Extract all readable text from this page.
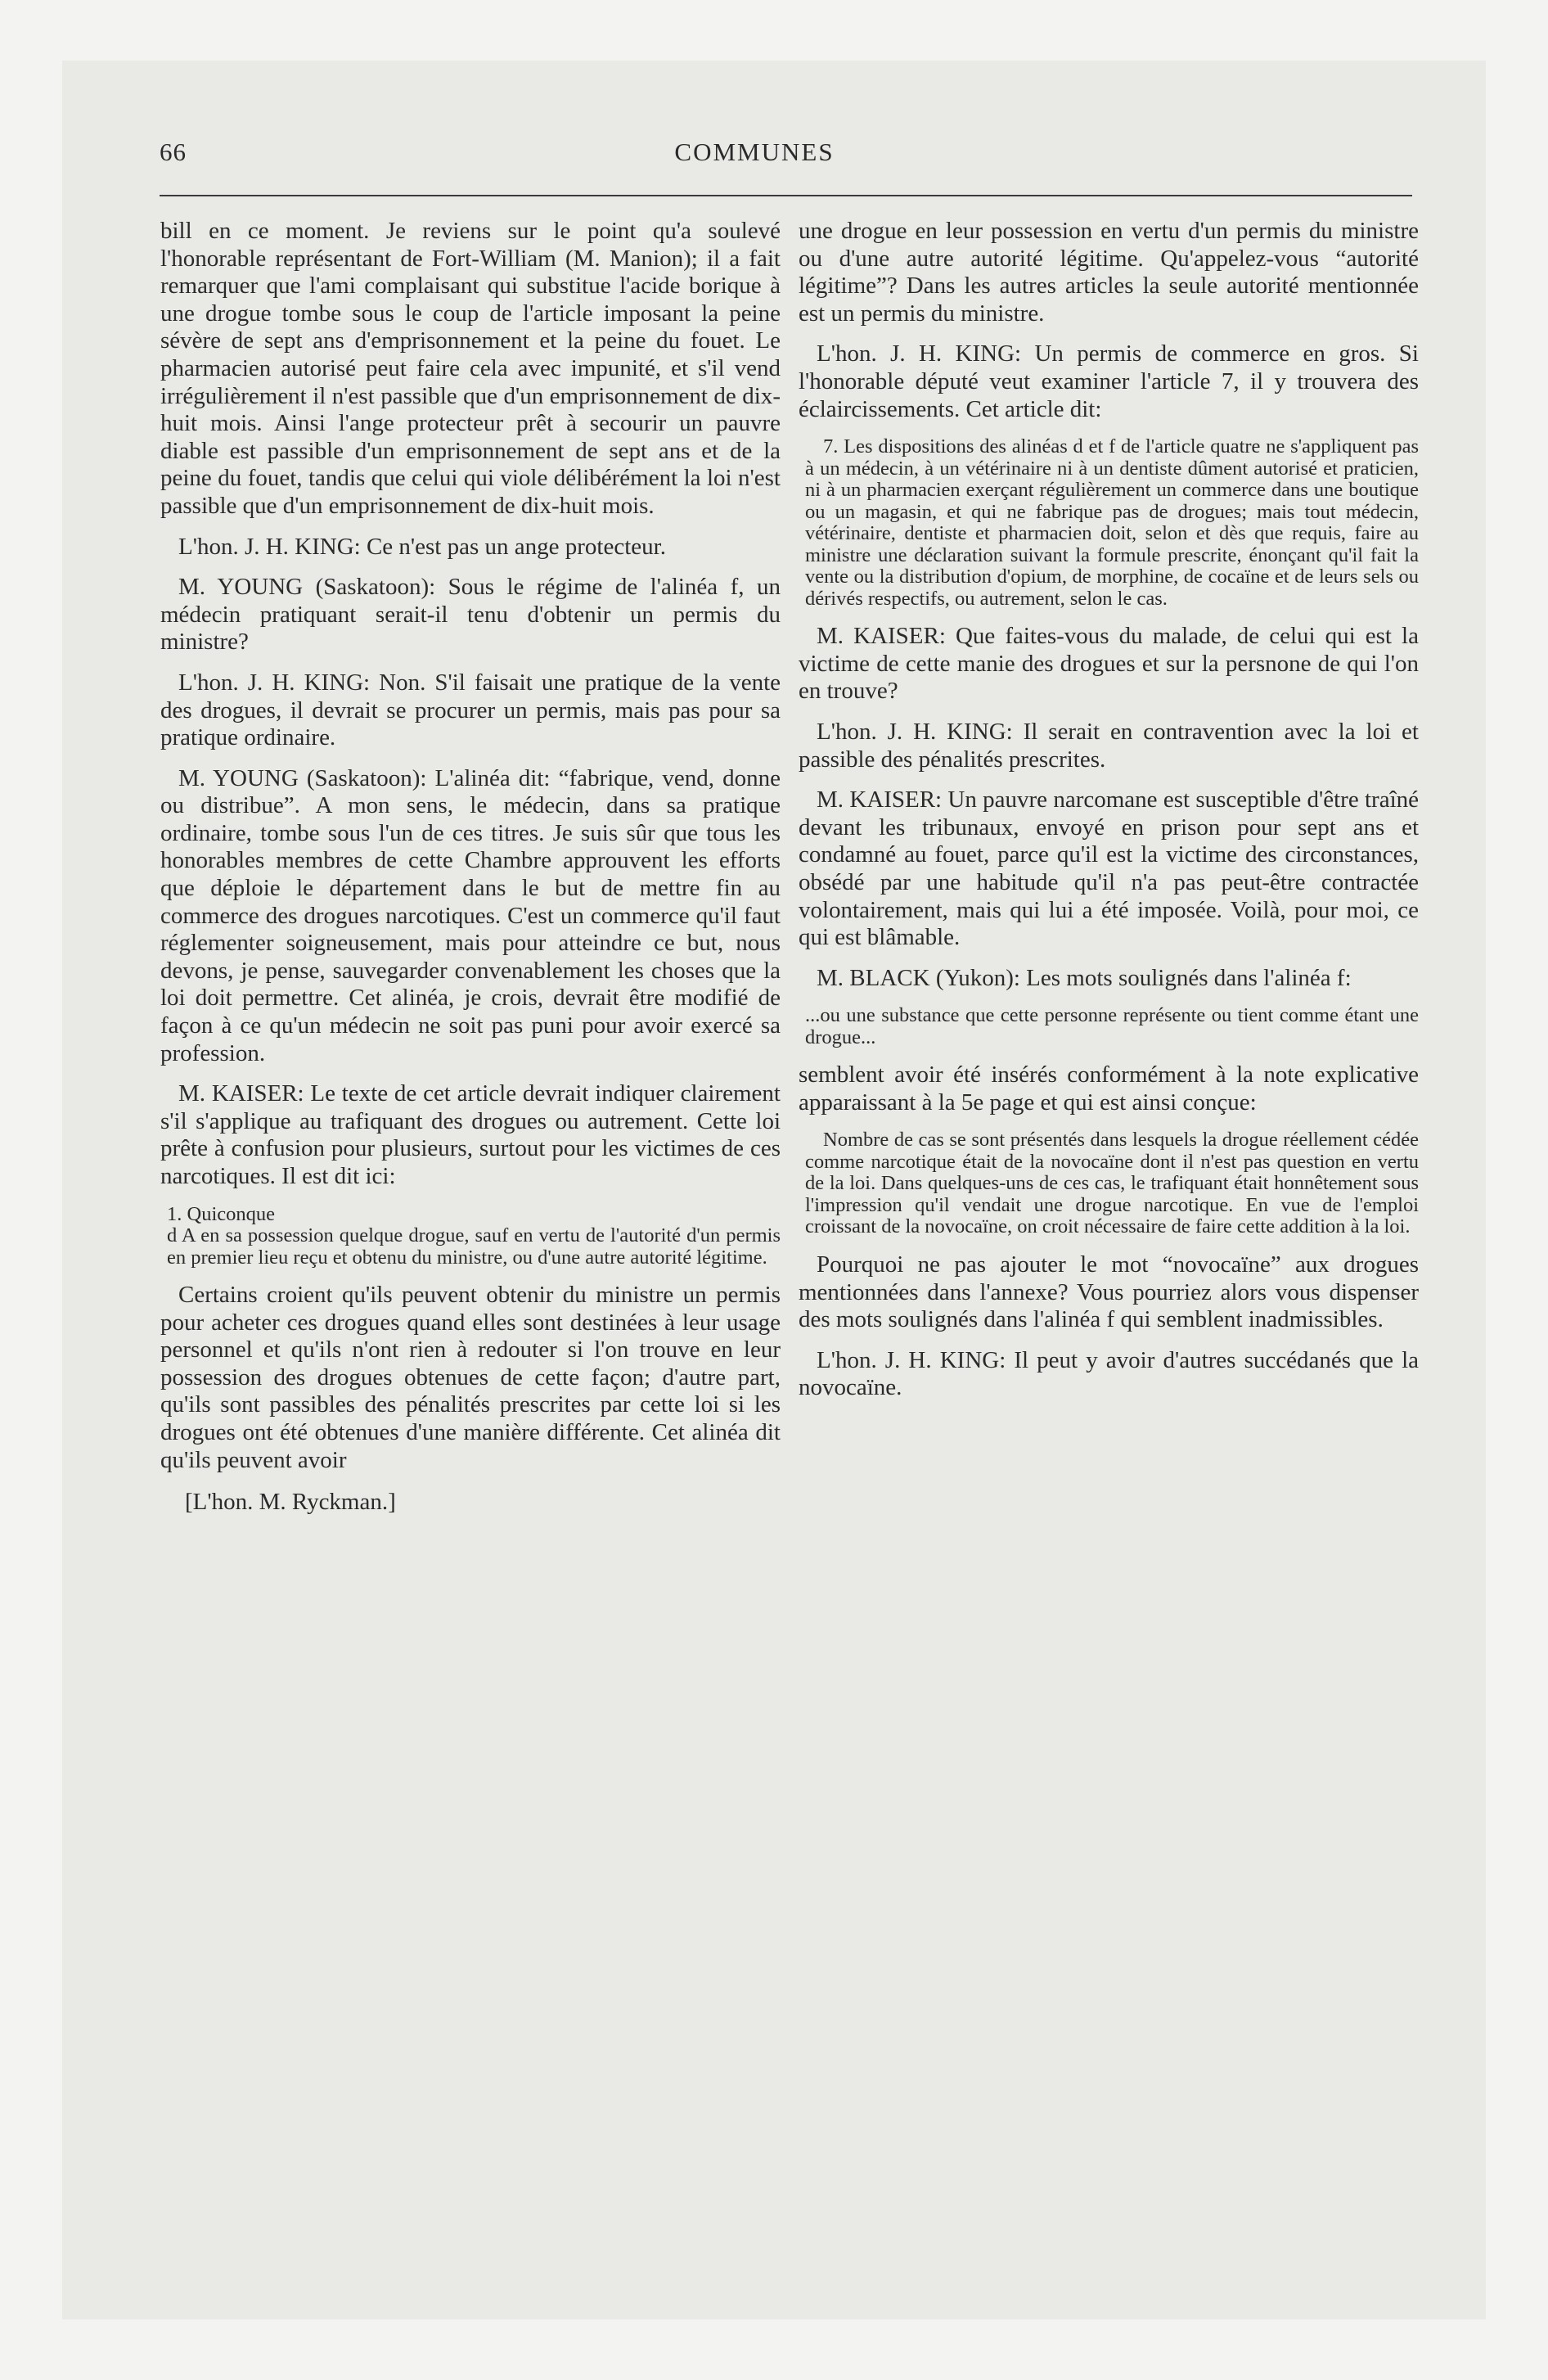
66	COMMUNES

bill en ce moment. Je reviens sur le point qu'a soulevé l'honorable représentant de Fort-William (M. Manion); il a fait remarquer que l'ami complaisant qui substitue l'acide borique à une drogue tombe sous le coup de l'article imposant la peine sévère de sept ans d'emprisonnement et la peine du fouet. Le pharmacien autorisé peut faire cela avec impunité, et s'il vend irrégulièrement il n'est passible que d'un emprisonnement de dix-huit mois. Ainsi l'ange protecteur prêt à secourir un pauvre diable est passible d'un emprisonnement de sept ans et de la peine du fouet, tandis que celui qui viole délibérément la loi n'est passible que d'un emprisonnement de dix-huit mois.

L'hon. J. H. KING: Ce n'est pas un ange protecteur.

M. YOUNG (Saskatoon): Sous le régime de l'alinéa f, un médecin pratiquant serait-il tenu d'obtenir un permis du ministre?

L'hon. J. H. KING: Non. S'il faisait une pratique de la vente des drogues, il devrait se procurer un permis, mais pas pour sa pratique ordinaire.

M. YOUNG (Saskatoon): L'alinéa dit: “fabrique, vend, donne ou distribue”. A mon sens, le médecin, dans sa pratique ordinaire, tombe sous l'un de ces titres. Je suis sûr que tous les honorables membres de cette Chambre approuvent les efforts que déploie le département dans le but de mettre fin au commerce des drogues narcotiques. C'est un commerce qu'il faut réglementer soigneusement, mais pour atteindre ce but, nous devons, je pense, sauvegarder convenablement les choses que la loi doit permettre. Cet alinéa, je crois, devrait être modifié de façon à ce qu'un médecin ne soit pas puni pour avoir exercé sa profession.

M. KAISER: Le texte de cet article devrait indiquer clairement s'il s'applique au trafiquant des drogues ou autrement. Cette loi prête à confusion pour plusieurs, surtout pour les victimes de ces narcotiques. Il est dit ici:

1. Quiconque

d A en sa possession quelque drogue, sauf en vertu de l'autorité d'un permis en premier lieu reçu et obtenu du ministre, ou d'une autre autorité légitime.

Certains croient qu'ils peuvent obtenir du ministre un permis pour acheter ces drogues quand elles sont destinées à leur usage personnel et qu'ils n'ont rien à redouter si l'on trouve en leur possession des drogues obtenues de cette façon; d'autre part, qu'ils sont passibles des pénalités prescrites par cette loi si les drogues ont été obtenues d'une manière différente. Cet alinéa dit qu'ils peuvent avoir

[L'hon. M. Ryckman.]

une drogue en leur possession en vertu d'un permis du ministre ou d'une autre autorité légitime. Qu'appelez-vous “autorité légitime”? Dans les autres articles la seule autorité mentionnée est un permis du ministre.

L'hon. J. H. KING: Un permis de commerce en gros. Si l'honorable député veut examiner l'article 7, il y trouvera des éclaircissements. Cet article dit:

7. Les dispositions des alinéas d et f de l'article quatre ne s'appliquent pas à un médecin, à un vétérinaire ni à un dentiste dûment autorisé et praticien, ni à un pharmacien exerçant régulièrement un commerce dans une boutique ou un magasin, et qui ne fabrique pas de drogues; mais tout médecin, vétérinaire, dentiste et pharmacien doit, selon et dès que requis, faire au ministre une déclaration suivant la formule prescrite, énonçant qu'il fait la vente ou la distribution d'opium, de morphine, de cocaïne et de leurs sels ou dérivés respectifs, ou autrement, selon le cas.

M. KAISER: Que faites-vous du malade, de celui qui est la victime de cette manie des drogues et sur la persnone de qui l'on en trouve?

L'hon. J. H. KING: Il serait en contravention avec la loi et passible des pénalités prescrites.

M. KAISER: Un pauvre narcomane est susceptible d'être traîné devant les tribunaux, envoyé en prison pour sept ans et condamné au fouet, parce qu'il est la victime des circonstances, obsédé par une habitude qu'il n'a pas peut-être contractée volontairement, mais qui lui a été imposée. Voilà, pour moi, ce qui est blâmable.

M. BLACK (Yukon): Les mots soulignés dans l'alinéa f:

...ou une substance que cette personne représente ou tient comme étant une drogue...

semblent avoir été insérés conformément à la note explicative apparaissant à la 5e page et qui est ainsi conçue:

Nombre de cas se sont présentés dans lesquels la drogue réellement cédée comme narcotique était de la novocaïne dont il n'est pas question en vertu de la loi. Dans quelques-uns de ces cas, le trafiquant était honnêtement sous l'impression qu'il vendait une drogue narcotique. En vue de l'emploi croissant de la novocaïne, on croit nécessaire de faire cette addition à la loi.

Pourquoi ne pas ajouter le mot “novocaïne” aux drogues mentionnées dans l'annexe? Vous pourriez alors vous dispenser des mots soulignés dans l'alinéa f qui semblent inadmissibles.

L'hon. J. H. KING: Il peut y avoir d'autres succédanés que la novocaïne.
